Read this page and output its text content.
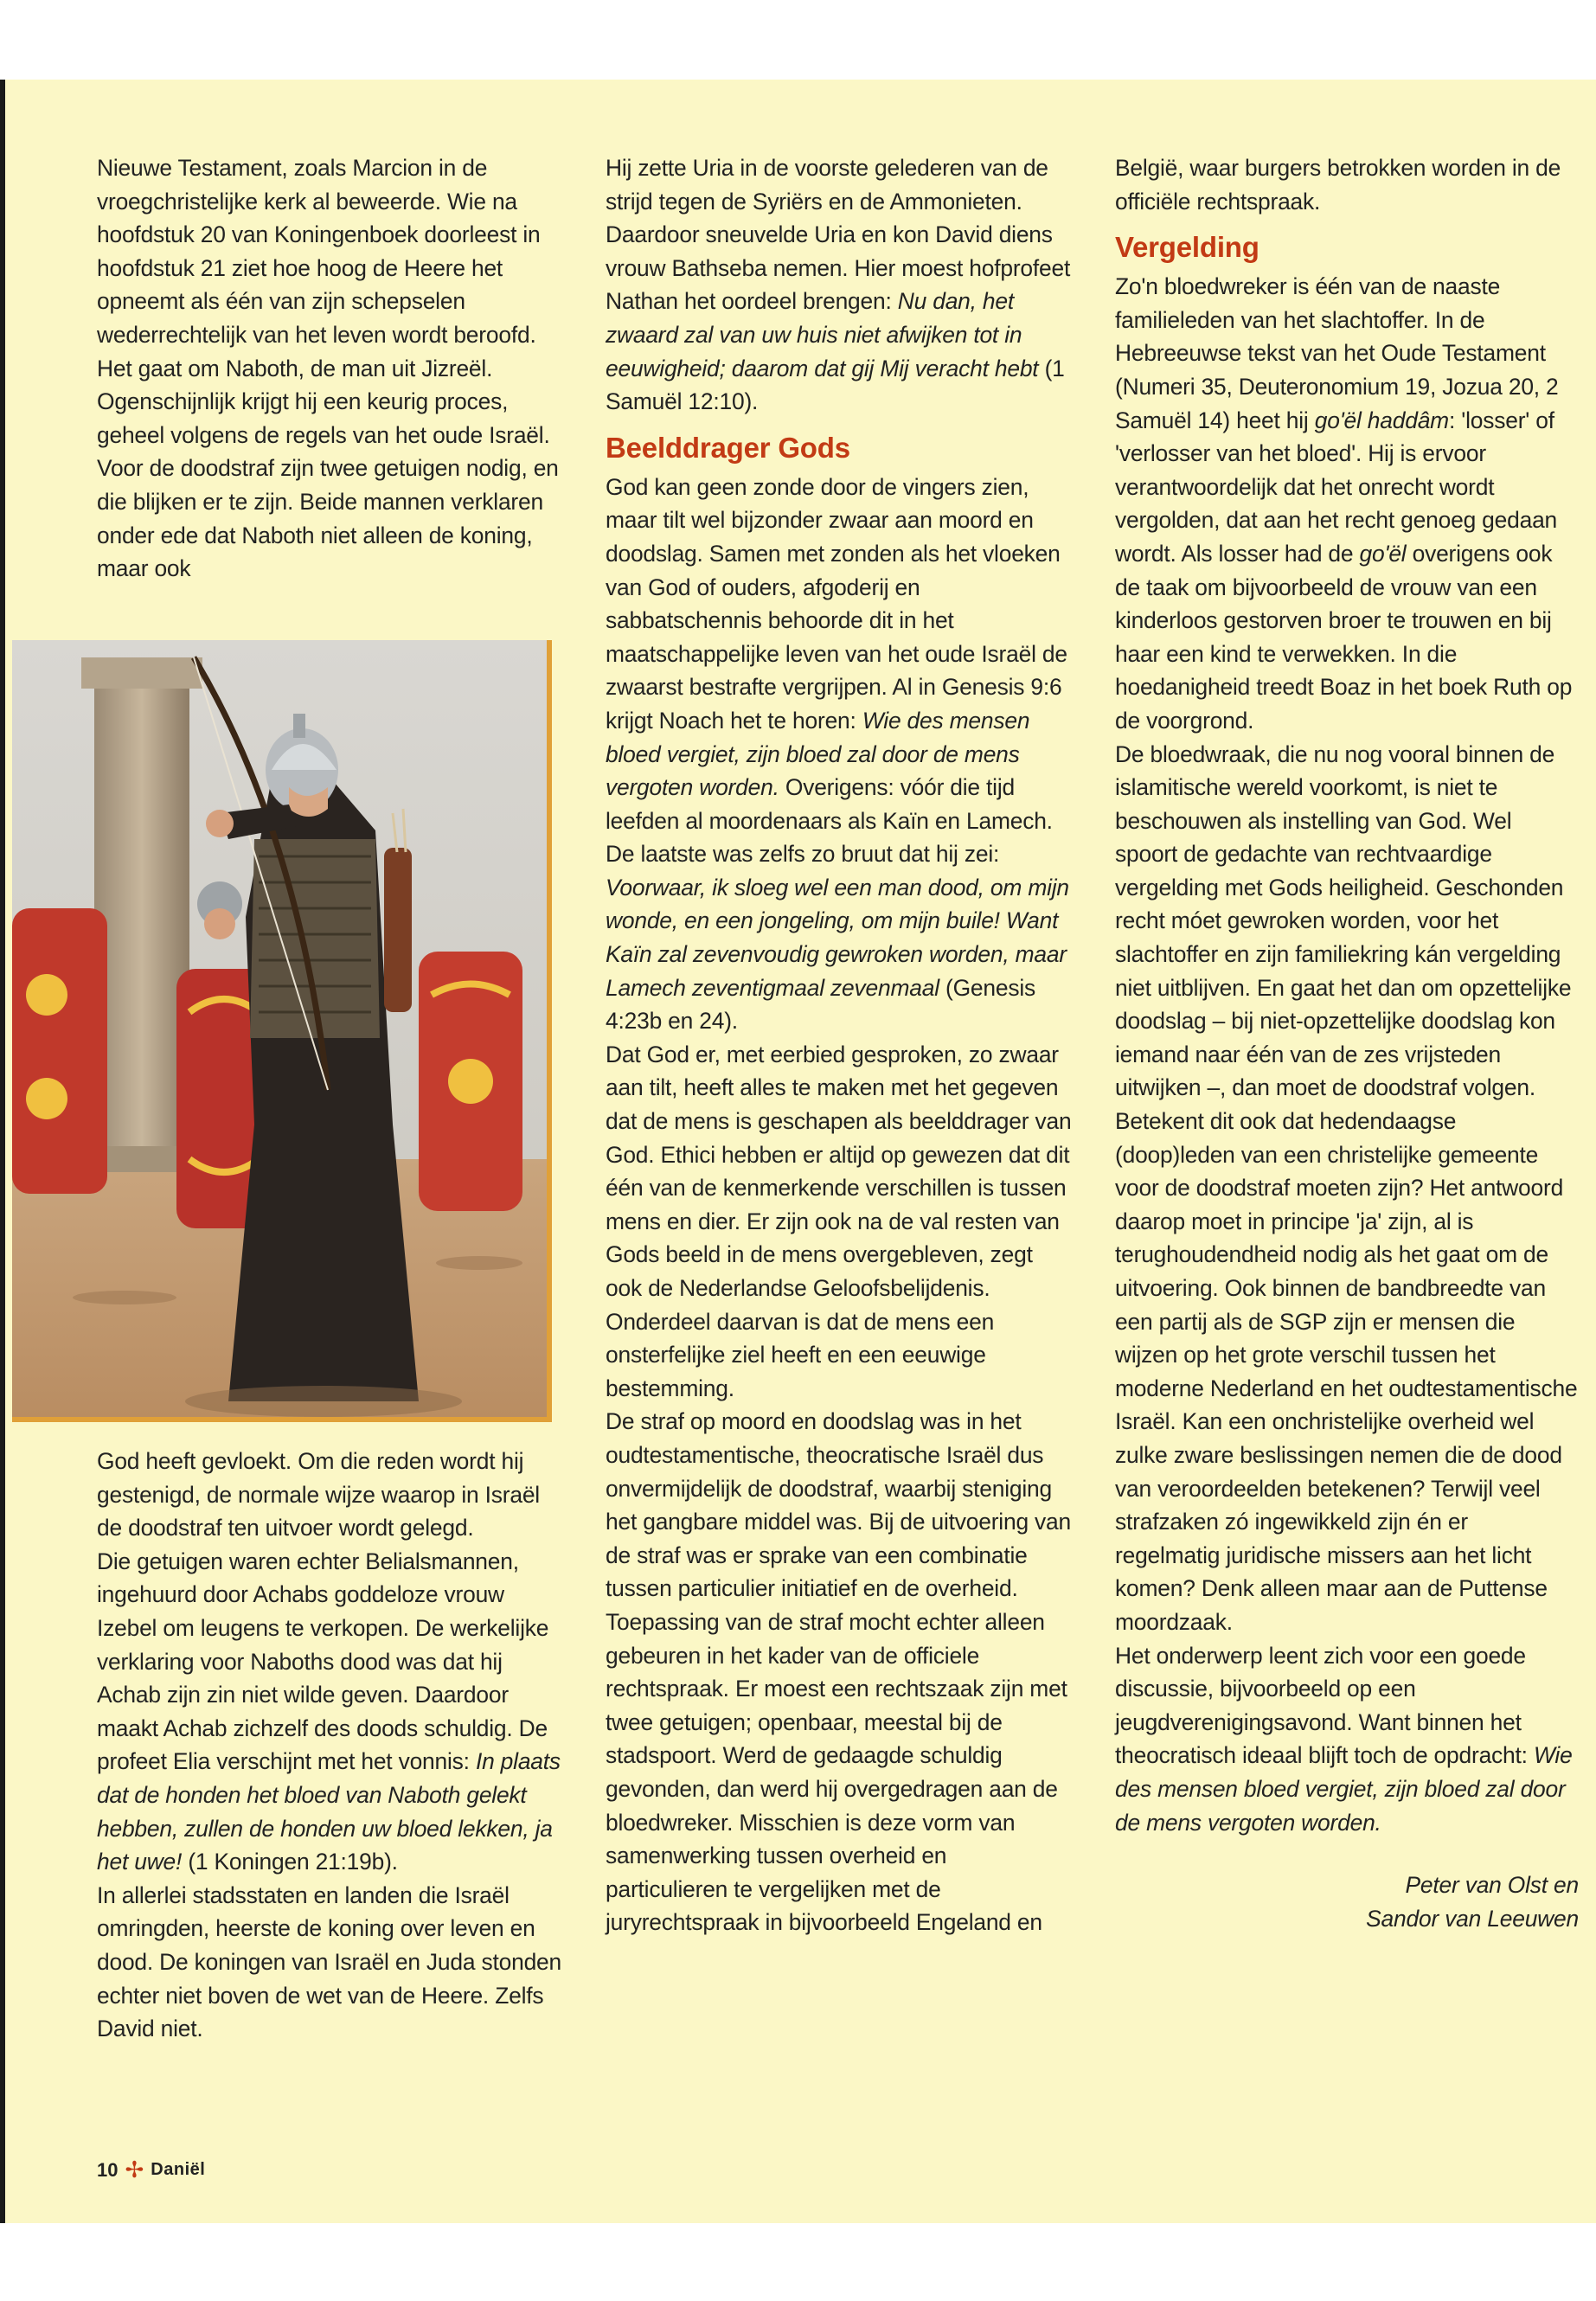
Nieuwe Testament, zoals Marcion in de vroegchristelijke kerk al beweerde. Wie na hoofdstuk 20 van Koningenboek doorleest in hoofdstuk 21 ziet hoe hoog de Heere het opneemt als één van zijn schepselen wederrechtelijk van het leven wordt beroofd.

Het gaat om Naboth, de man uit Jizreël. Ogenschijnlijk krijgt hij een keurig proces, geheel volgens de regels van het oude Israël. Voor de doodstraf zijn twee getuigen nodig, en die blijken er te zijn. Beide mannen verklaren onder ede dat Naboth niet alleen de koning, maar ook

God heeft gevloekt. Om die reden wordt hij gestenigd, de normale wijze waarop in Israël de doodstraf ten uitvoer wordt gelegd.

Die getuigen waren echter Belialsmannen, ingehuurd door Achabs goddeloze vrouw Izebel om leugens te verkopen. De werkelijke verklaring voor Naboths dood was dat hij Achab zijn zin niet wilde geven. Daardoor maakt Achab zichzelf des doods schuldig. De profeet Elia verschijnt met het vonnis: In plaats dat de honden het bloed van Naboth gelekt hebben, zullen de honden uw bloed lekken, ja het uwe! (1 Koningen 21:19b).

In allerlei stadsstaten en landen die Israël omringden, heerste de koning over leven en dood. De koningen van Israël en Juda stonden echter niet boven de wet van de Heere. Zelfs David niet.

Hij zette Uria in de voorste gelederen van de strijd tegen de Syriërs en de Ammonieten. Daardoor sneuvelde Uria en kon David diens vrouw Bathseba nemen. Hier moest hofprofeet Nathan het oordeel brengen: Nu dan, het zwaard zal van uw huis niet afwijken tot in eeuwigheid; daarom dat gij Mij veracht hebt (1 Samuël 12:10).

Beelddrager Gods

God kan geen zonde door de vingers zien, maar tilt wel bijzonder zwaar aan moord en doodslag. Samen met zonden als het vloeken van God of ouders, afgoderij en sabbatschennis behoorde dit in het maatschappelijke leven van het oude Israël de zwaarst bestrafte vergrijpen. Al in Genesis 9:6 krijgt Noach het te horen: Wie des mensen bloed vergiet, zijn bloed zal door de mens vergoten worden. Overigens: vóór die tijd leefden al moordenaars als Kaïn en Lamech. De laatste was zelfs zo bruut dat hij zei: Voorwaar, ik sloeg wel een man dood, om mijn wonde, en een jongeling, om mijn buile! Want Kaïn zal zevenvoudig gewroken worden, maar Lamech zeventigmaal zevenmaal (Genesis 4:23b en 24).

Dat God er, met eerbied gesproken, zo zwaar aan tilt, heeft alles te maken met het gegeven dat de mens is geschapen als beelddrager van God. Ethici hebben er altijd op gewezen dat dit één van de kenmerkende verschillen is tussen mens en dier. Er zijn ook na de val resten van Gods beeld in de mens overgebleven, zegt ook de Nederlandse Geloofsbelijdenis. Onderdeel daarvan is dat de mens een onsterfelijke ziel heeft en een eeuwige bestemming.

De straf op moord en doodslag was in het oudtestamentische, theocratische Israël dus onvermijdelijk de doodstraf, waarbij steniging het gangbare middel was. Bij de uitvoering van de straf was er sprake van een combinatie tussen particulier initiatief en de overheid. Toepassing van de straf mocht echter alleen gebeuren in het kader van de officiele rechtspraak. Er moest een rechtszaak zijn met twee getuigen; openbaar, meestal bij de stadspoort. Werd de gedaagde schuldig gevonden, dan werd hij overgedragen aan de bloedwreker. Misschien is deze vorm van samenwerking tussen overheid en particulieren te vergelijken met de juryrechtspraak in bijvoorbeeld Engeland en

België, waar burgers betrokken worden in de officiële rechtspraak.

Vergelding

Zo'n bloedwreker is één van de naaste familieleden van het slachtoffer. In de Hebreeuwse tekst van het Oude Testament (Numeri 35, Deuteronomium 19, Jozua 20, 2 Samuël 14) heet hij go'ël haddâm: 'losser' of 'verlosser van het bloed'. Hij is ervoor verantwoordelijk dat het onrecht wordt vergolden, dat aan het recht genoeg gedaan wordt. Als losser had de go'ël overigens ook de taak om bijvoorbeeld de vrouw van een kinderloos gestorven broer te trouwen en bij haar een kind te verwekken. In die hoedanigheid treedt Boaz in het boek Ruth op de voorgrond.

De bloedwraak, die nu nog vooral binnen de islamitische wereld voorkomt, is niet te beschouwen als instelling van God. Wel spoort de gedachte van rechtvaardige vergelding met Gods heiligheid. Geschonden recht móet gewroken worden, voor het slachtoffer en zijn familiekring kán vergelding niet uitblijven. En gaat het dan om opzettelijke doodslag – bij niet-opzettelijke doodslag kon iemand naar één van de zes vrijsteden uitwijken –, dan moet de doodstraf volgen.

Betekent dit ook dat hedendaagse (doop)leden van een christelijke gemeente voor de doodstraf moeten zijn? Het antwoord daarop moet in principe 'ja' zijn, al is terughoudendheid nodig als het gaat om de uitvoering. Ook binnen de bandbreedte van een partij als de SGP zijn er mensen die wijzen op het grote verschil tussen het moderne Nederland en het oudtestamentische Israël. Kan een onchristelijke overheid wel zulke zware beslissingen nemen die de dood van veroordeelden betekenen? Terwijl veel strafzaken zó ingewikkeld zijn én er regelmatig juridische missers aan het licht komen? Denk alleen maar aan de Puttense moordzaak.

Het onderwerp leent zich voor een goede discussie, bijvoorbeeld op een jeugdverenigingsavond. Want binnen het theocratisch ideaal blijft toch de opdracht: Wie des mensen bloed vergiet, zijn bloed zal door de mens vergoten worden.

Peter van Olst en
Sandor van Leeuwen
10 ✢ Daniël
